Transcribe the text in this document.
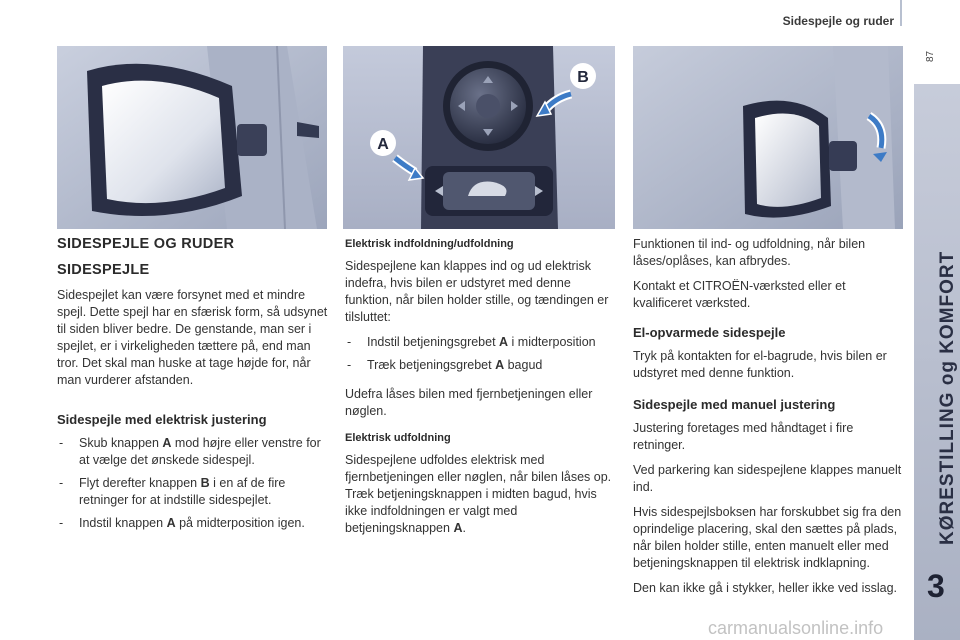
Sidespejle og ruder
87
KØRESTILLING og KOMFORT
3
B
A
SIDESPEJLE OG RUDER
SIDESPEJLE

Sidespejlet kan være forsynet med et mindre spejl. Dette spejl har en sfærisk form, så udsynet til siden bliver bedre. De genstande, man ser i spejlet, er i virkeligheden tættere på, end man tror. Det skal man huske at tage højde for, når man vurderer afstanden.

Sidespejle med elektrisk justering
- Skub knappen A mod højre eller venstre for at vælge det ønskede sidespejl.
- Flyt derefter knappen B i en af de fire retninger for at indstille sidespejlet.
- Indstil knappen A på midterposition igen.
Elektrisk indfoldning/udfoldning

Sidespejlene kan klappes ind og ud elektrisk indefra, hvis bilen er udstyret med denne funktion, når bilen holder stille, og tændingen er tilsluttet:

- Indstil betjeningsgrebet A i midterposition
- Træk betjeningsgrebet A bagud

Udefra låses bilen med fjernbetjeningen eller nøglen.

Elektrisk udfoldning

Sidespejlene udfoldes elektrisk med fjernbetjeningen eller nøglen, når bilen låses op. Træk betjeningsknappen i midten bagud, hvis ikke indfoldningen er valgt med betjeningsknappen A.

Funktionen til ind- og udfoldning, når bilen låses/oplåses, kan afbrydes.

Kontakt et CITROËN-værksted eller et kvalificeret værksted.

El-opvarmede sidespejle

Tryk på kontakten for el-bagrude, hvis bilen er udstyret med denne funktion.

Sidespejle med manuel justering

Justering foretages med håndtaget i fire retninger.

Ved parkering kan sidespejlene klappes manuelt ind.

Hvis sidespejlsboksen har forskubbet sig fra den oprindelige placering, skal den sættes på plads, når bilen holder stille, enten manuelt eller med betjeningsknappen til elektrisk indklapning.

Den kan ikke gå i stykker, heller ikke ved isslag.

carmanualsonline.info
